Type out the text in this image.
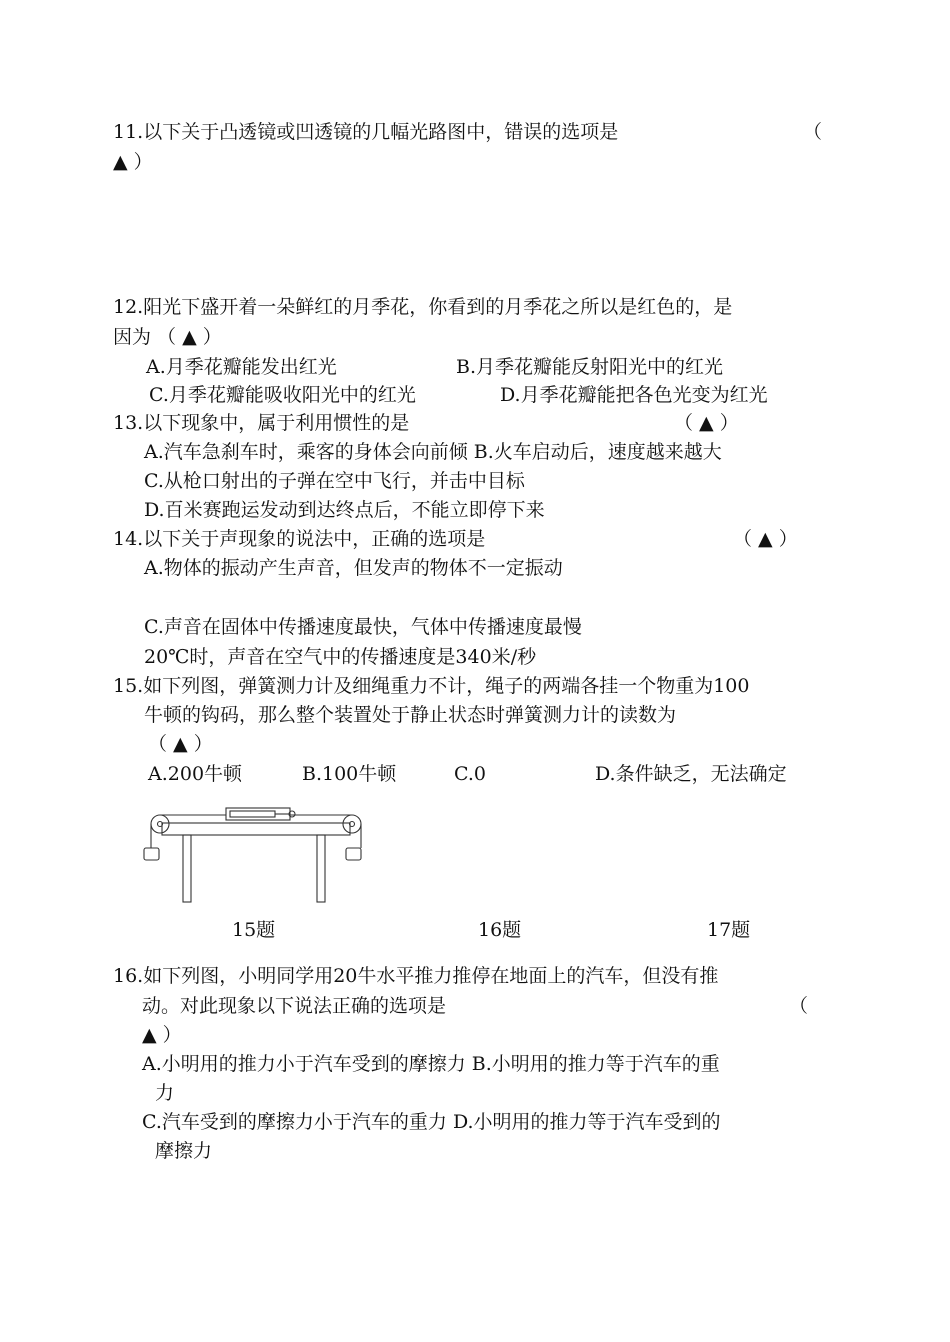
11.以下关于凸透镜或凹透镜的几幅光路图中，错误的选项是	（
▲ ）
12.阳光下盛开着一朵鲜红的月季花，你看到的月季花之所以是红色的，是
因为 （ ▲ ）
A.月季花瓣能发出红光	B.月季花瓣能反射阳光中的红光
C.月季花瓣能吸收阳光中的红光	D.月季花瓣能把各色光变为红光
13.以下现象中，属于利用惯性的是	（ ▲ ）
A.汽车急刹车时，乘客的身体会向前倾 B.火车启动后，速度越来越大
C.从枪口射出的子弹在空中飞行，并击中目标
D.百米赛跑运发动到达终点后，不能立即停下来
14.以下关于声现象的说法中，正确的选项是	（ ▲ ）
A.物体的振动产生声音，但发声的物体不一定振动
C.声音在固体中传播速度最快，气体中传播速度最慢
20℃时，声音在空气中的传播速度是340米/秒
15.如下列图，弹簧测力计及细绳重力不计，绳子的两端各挂一个物重为100
牛顿的钩码，那么整个装置处于静止状态时弹簧测力计的读数为
（ ▲ ）
A.200牛顿	B.100牛顿	C.0	D.条件缺乏，无法确定
15题	16题	17题
16.如下列图，小明同学用20牛水平推力推停在地面上的汽车，但没有推
动。对此现象以下说法正确的选项是	（
▲ ）
A.小明用的推力小于汽车受到的摩擦力 B.小明用的推力等于汽车的重
力
C.汽车受到的摩擦力小于汽车的重力 D.小明用的推力等于汽车受到的
摩擦力
